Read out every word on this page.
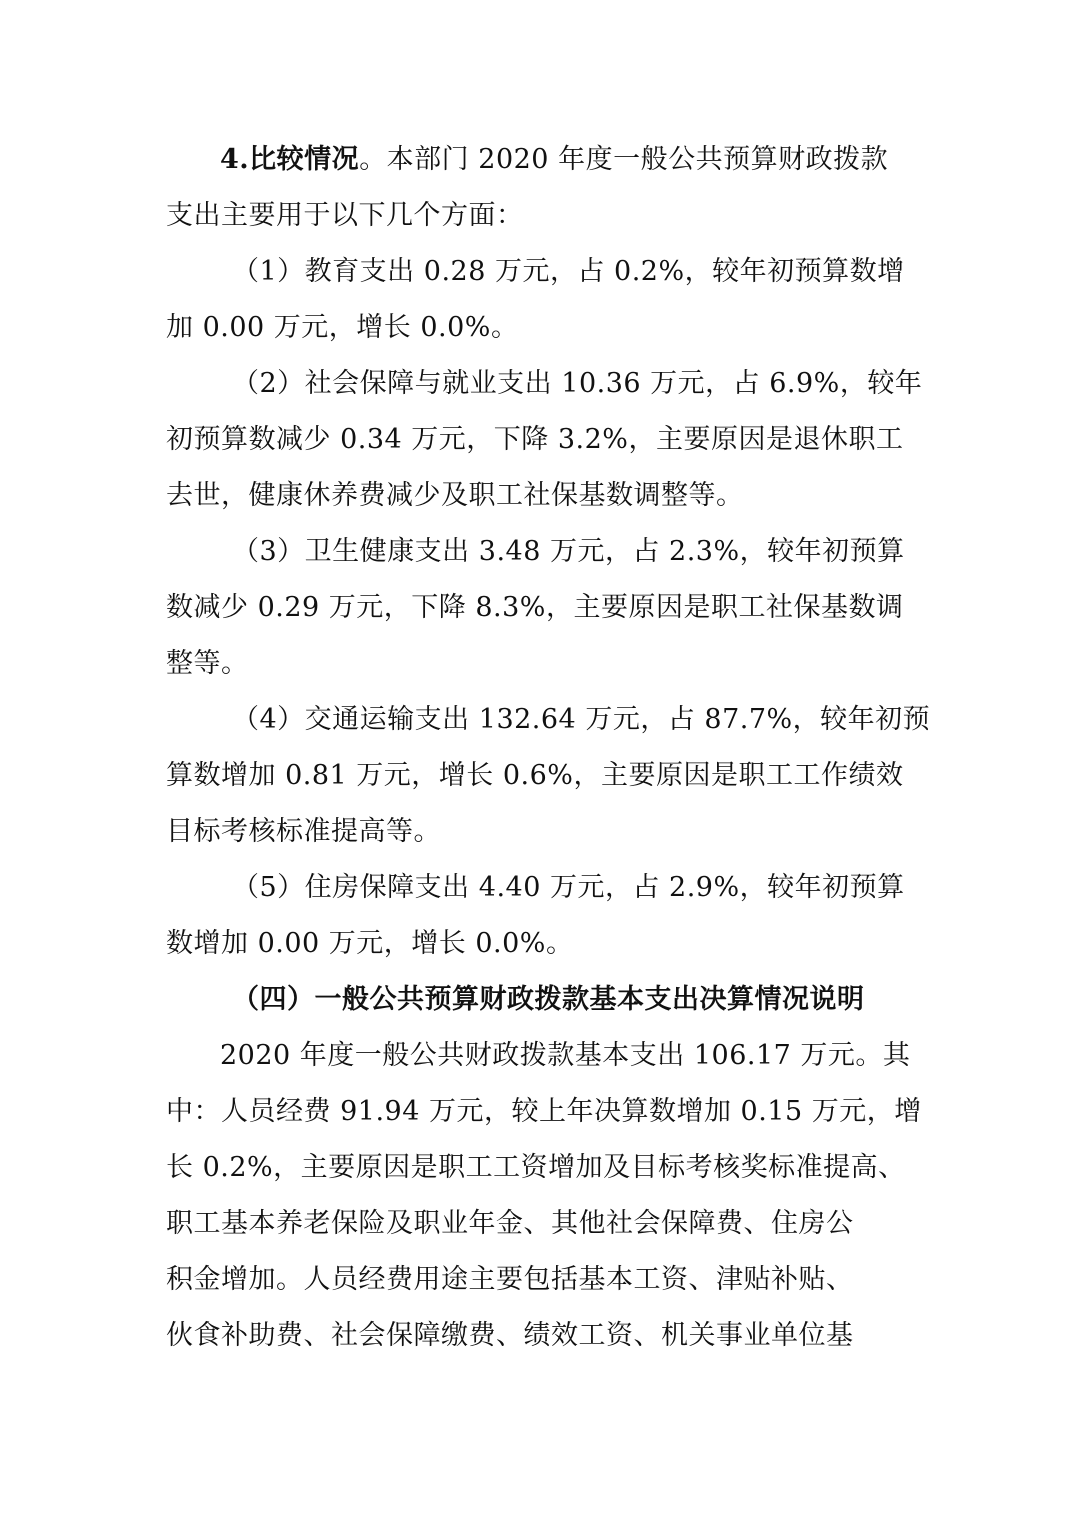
4.比较情况。本部门 2020 年度一般公共预算财政拨款
支出主要用于以下几个方面：
（1）教育支出 0.28 万元，占 0.2%，较年初预算数增
加 0.00 万元，增长 0.0%。
（2）社会保障与就业支出 10.36 万元，占 6.9%，较年
初预算数减少 0.34 万元，下降 3.2%，主要原因是退休职工
去世，健康休养费减少及职工社保基数调整等。
（3）卫生健康支出 3.48 万元，占 2.3%，较年初预算
数减少 0.29 万元，下降 8.3%，主要原因是职工社保基数调
整等。
（4）交通运输支出 132.64 万元，占 87.7%，较年初预
算数增加 0.81 万元，增长 0.6%，主要原因是职工工作绩效
目标考核标准提高等。
（5）住房保障支出 4.40 万元，占 2.9%，较年初预算
数增加 0.00 万元，增长 0.0%。
（四）一般公共预算财政拨款基本支出决算情况说明
2020 年度一般公共财政拨款基本支出 106.17 万元。其
中：人员经费 91.94 万元，较上年决算数增加 0.15 万元，增
长 0.2%，主要原因是职工工资增加及目标考核奖标准提高、
职工基本养老保险及职业年金、其他社会保障费、住房公
积金增加。人员经费用途主要包括基本工资、津贴补贴、
伙食补助费、社会保障缴费、绩效工资、机关事业单位基
